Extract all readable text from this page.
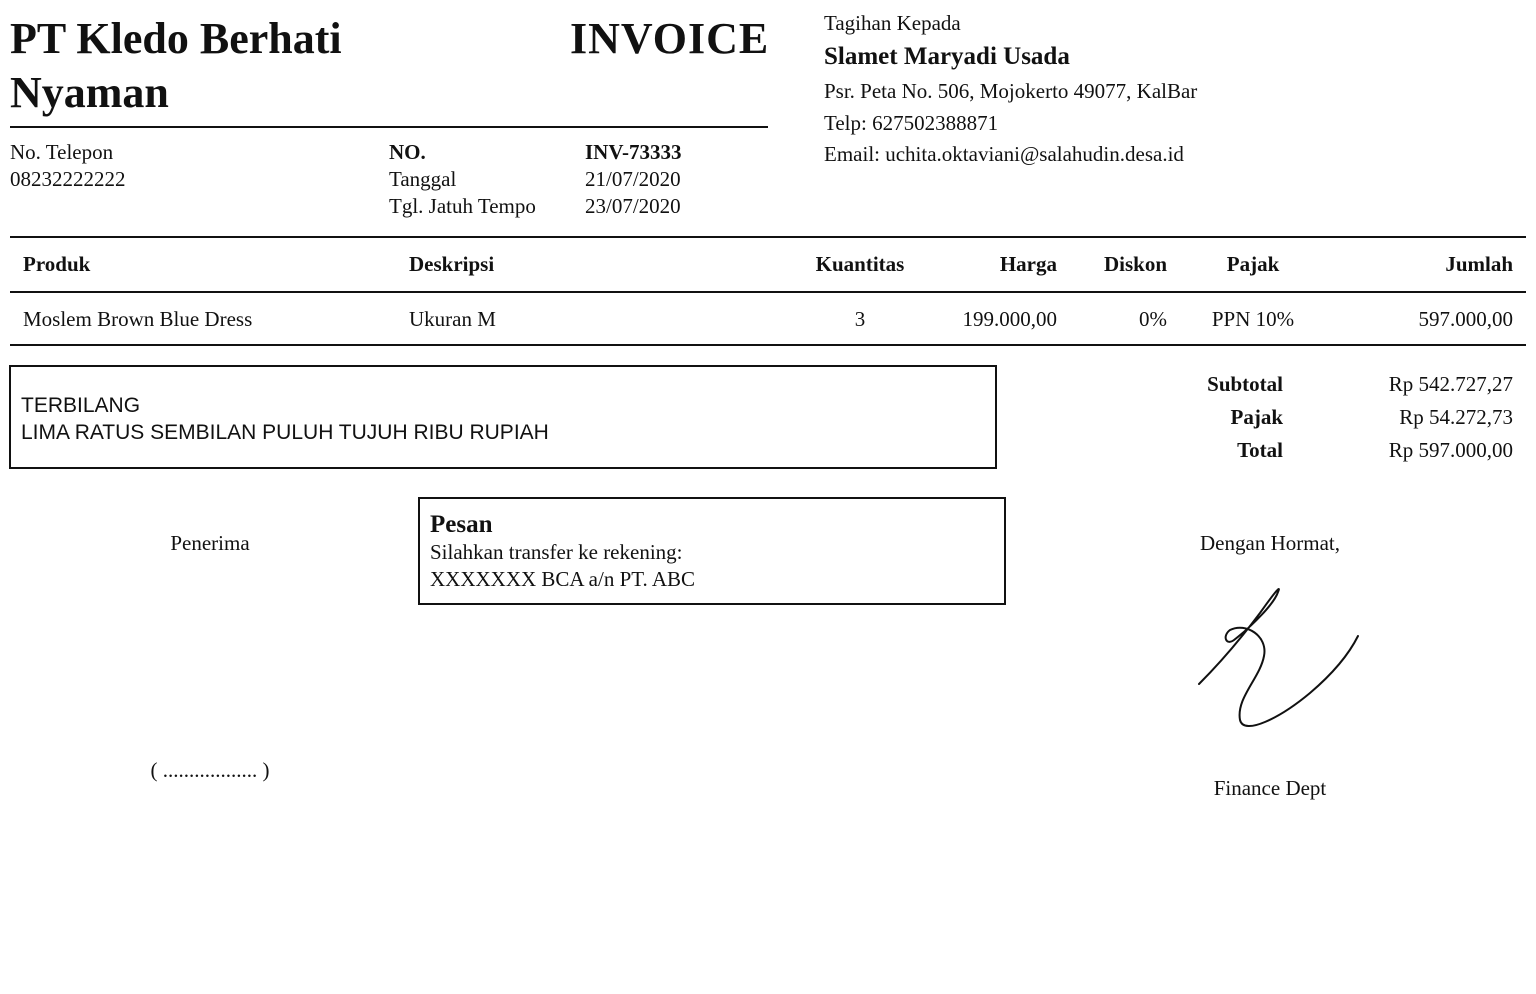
PT Kledo Berhati Nyaman
INVOICE
No. Telepon
08232222222
NO.	INV-73333
Tanggal	21/07/2020
Tgl. Jatuh Tempo 23/07/2020
Tagihan Kepada
Slamet Maryadi Usada
Psr. Peta No. 506, Mojokerto 49077, KalBar
Telp: 627502388871
Email: uchita.oktaviani@salahudin.desa.id
Produk	Deskripsi	Kuantitas	Harga	Diskon	Pajak	Jumlah
Moslem Brown Blue Dress	Ukuran M	3	199.000,00	0%	PPN 10%	597.000,00
TERBILANG
LIMA RATUS SEMBILAN PULUH TUJUH RIBU RUPIAH
Subtotal	Rp 542.727,27
Pajak	Rp 54.272,73
Total	Rp 597.000,00
Pesan
Silahkan transfer ke rekening:
XXXXXXX BCA a/n PT. ABC
Penerima
( .................. )
Dengan Hormat,
Finance Dept
